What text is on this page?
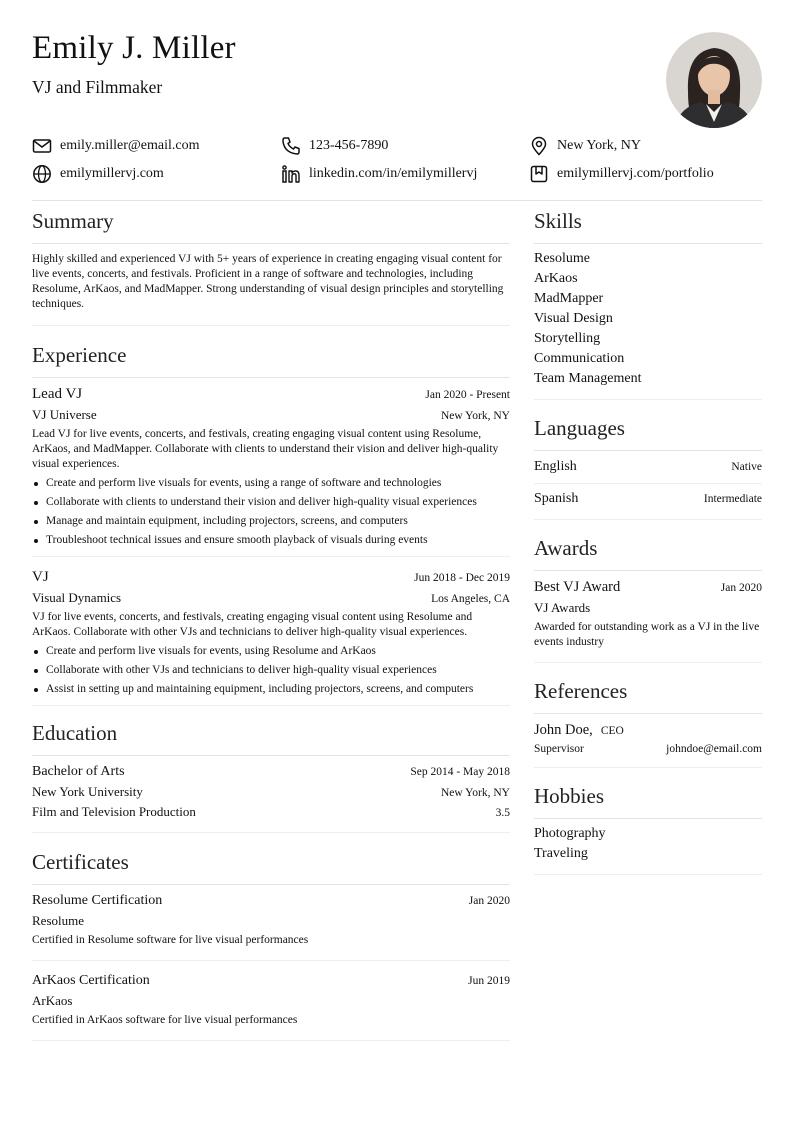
Emily J. Miller
VJ and Filmmaker
emily.miller@email.com	123-456-7890	New York, NY
emilymillervj.com	linkedin.com/in/emilymillervj	emilymillervj.com/portfolio
Summary
Highly skilled and experienced VJ with 5+ years of experience in creating engaging visual content for live events, concerts, and festivals. Proficient in a range of software and technologies, including Resolume, ArKaos, and MadMapper. Strong understanding of visual design principles and storytelling techniques.
Experience
Lead VJ	Jan 2020 - Present
VJ Universe	New York, NY
Lead VJ for live events, concerts, and festivals, creating engaging visual content using Resolume, ArKaos, and MadMapper. Collaborate with clients to understand their vision and deliver high-quality visual experiences.
Create and perform live visuals for events, using a range of software and technologies
Collaborate with clients to understand their vision and deliver high-quality visual experiences
Manage and maintain equipment, including projectors, screens, and computers
Troubleshoot technical issues and ensure smooth playback of visuals during events
VJ	Jun 2018 - Dec 2019
Visual Dynamics	Los Angeles, CA
VJ for live events, concerts, and festivals, creating engaging visual content using Resolume and ArKaos. Collaborate with other VJs and technicians to deliver high-quality visual experiences.
Create and perform live visuals for events, using Resolume and ArKaos
Collaborate with other VJs and technicians to deliver high-quality visual experiences
Assist in setting up and maintaining equipment, including projectors, screens, and computers
Education
Bachelor of Arts	Sep 2014 - May 2018
New York University	New York, NY
Film and Television Production	3.5
Certificates
Resolume Certification	Jan 2020
Resolume
Certified in Resolume software for live visual performances
ArKaos Certification	Jun 2019
ArKaos
Certified in ArKaos software for live visual performances
Skills
Resolume
ArKaos
MadMapper
Visual Design
Storytelling
Communication
Team Management
Languages
English	Native
Spanish	Intermediate
Awards
Best VJ Award	Jan 2020
VJ Awards
Awarded for outstanding work as a VJ in the live events industry
References
John Doe, CEO
Supervisor	johndoe@email.com
Hobbies
Photography
Traveling
